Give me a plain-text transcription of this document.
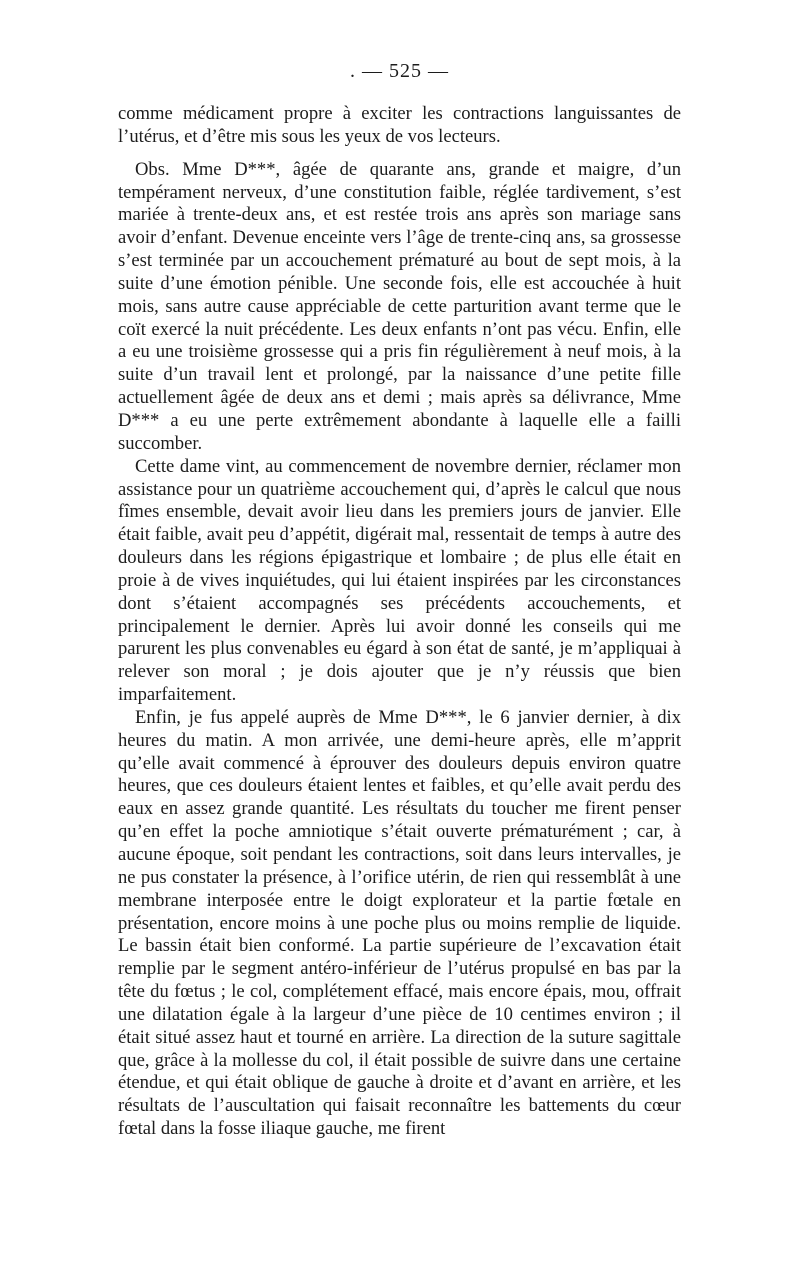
. — 525 —

comme médicament propre à exciter les contractions languissantes de l’utérus, et d’être mis sous les yeux de vos lecteurs.

Obs. Mme D***, âgée de quarante ans, grande et maigre, d’un tempérament nerveux, d’une constitution faible, réglée tardivement, s’est mariée à trente-deux ans, et est restée trois ans après son mariage sans avoir d’enfant. Devenue enceinte vers l’âge de trente-cinq ans, sa grossesse s’est terminée par un accouchement prématuré au bout de sept mois, à la suite d’une émotion pénible. Une seconde fois, elle est accouchée à huit mois, sans autre cause appréciable de cette parturition avant terme que le coït exercé la nuit précédente. Les deux enfants n’ont pas vécu. Enfin, elle a eu une troisième grossesse qui a pris fin régulièrement à neuf mois, à la suite d’un travail lent et prolongé, par la naissance d’une petite fille actuellement âgée de deux ans et demi ; mais après sa délivrance, Mme D*** a eu une perte extrêmement abondante à laquelle elle a failli succomber.

Cette dame vint, au commencement de novembre dernier, réclamer mon assistance pour un quatrième accouchement qui, d’après le calcul que nous fîmes ensemble, devait avoir lieu dans les premiers jours de janvier. Elle était faible, avait peu d’appétit, digérait mal, ressentait de temps à autre des douleurs dans les régions épigastrique et lombaire ; de plus elle était en proie à de vives inquiétudes, qui lui étaient inspirées par les circonstances dont s’étaient accompagnés ses précédents accouchements, et principalement le dernier. Après lui avoir donné les conseils qui me parurent les plus convenables eu égard à son état de santé, je m’appliquai à relever son moral ; je dois ajouter que je n’y réussis que bien imparfaitement.

Enfin, je fus appelé auprès de Mme D***, le 6 janvier dernier, à dix heures du matin. A mon arrivée, une demi-heure après, elle m’apprit qu’elle avait commencé à éprouver des douleurs depuis environ quatre heures, que ces douleurs étaient lentes et faibles, et qu’elle avait perdu des eaux en assez grande quantité. Les résultats du toucher me firent penser qu’en effet la poche amniotique s’était ouverte prématurément ; car, à aucune époque, soit pendant les contractions, soit dans leurs intervalles, je ne pus constater la présence, à l’orifice utérin, de rien qui ressemblât à une membrane interposée entre le doigt explorateur et la partie fœtale en présentation, encore moins à une poche plus ou moins remplie de liquide. Le bassin était bien conformé. La partie supérieure de l’excavation était remplie par le segment antéro-inférieur de l’utérus propulsé en bas par la tête du fœtus ; le col, complétement effacé, mais encore épais, mou, offrait une dilatation égale à la largeur d’une pièce de 10 centimes environ ; il était situé assez haut et tourné en arrière. La direction de la suture sagittale que, grâce à la mollesse du col, il était possible de suivre dans une certaine étendue, et qui était oblique de gauche à droite et d’avant en arrière, et les résultats de l’auscultation qui faisait reconnaître les battements du cœur fœtal dans la fosse iliaque gauche, me firent
